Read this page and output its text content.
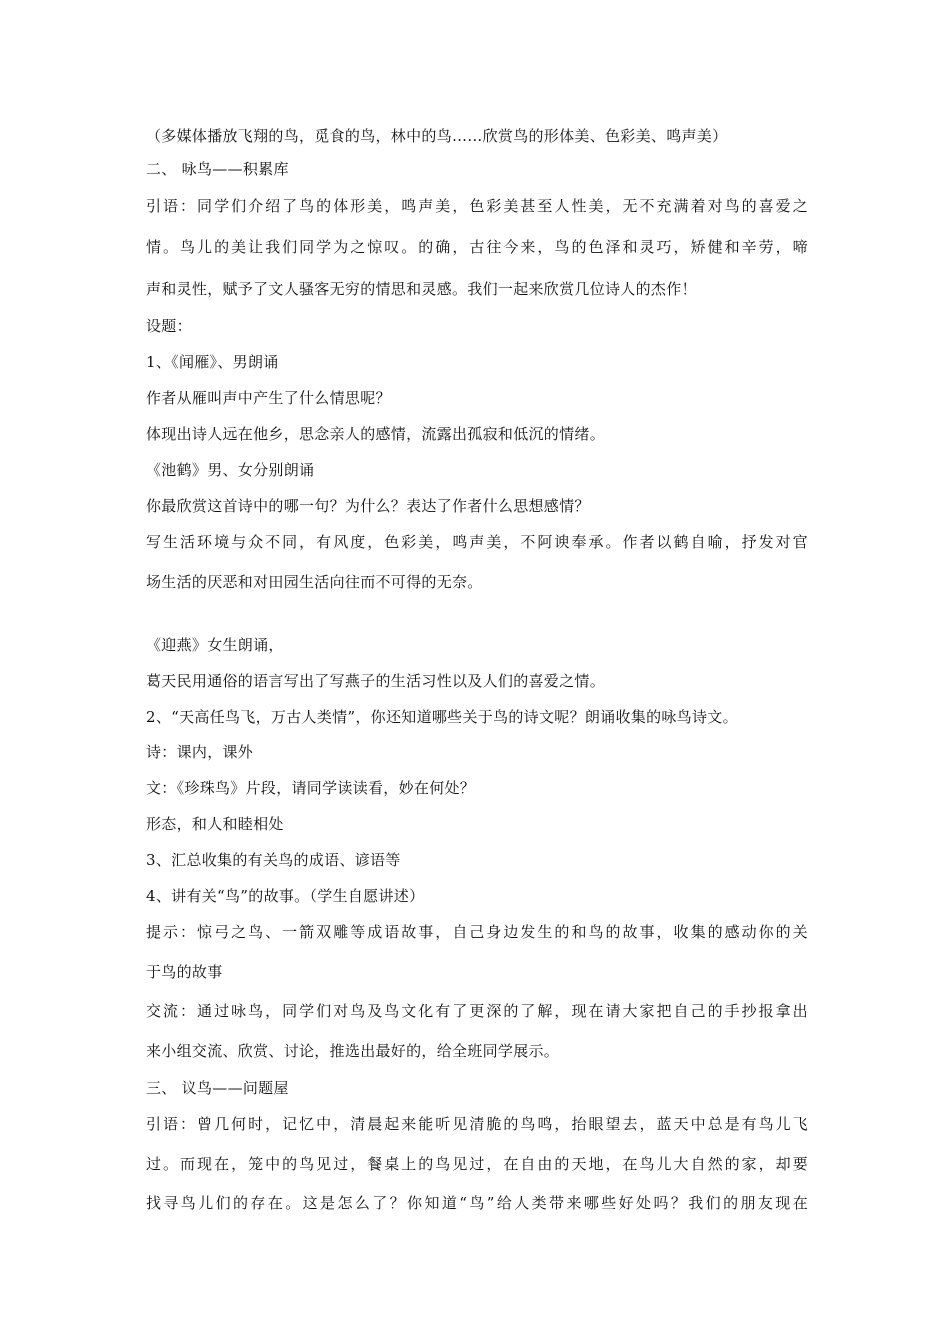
（多媒体播放飞翔的鸟，觅食的鸟，林中的鸟……欣赏鸟的形体美、色彩美、鸣声美）
二、 咏鸟——积累库
引语：同学们介绍了鸟的体形美，鸣声美，色彩美甚至人性美，无不充满着对鸟的喜爱之
情。鸟儿的美让我们同学为之惊叹。的确，古往今来，鸟的色泽和灵巧，矫健和辛劳，啼
声和灵性，赋予了文人骚客无穷的情思和灵感。我们一起来欣赏几位诗人的杰作！
设题：
1、《闻雁》、男朗诵
作者从雁叫声中产生了什么情思呢？
体现出诗人远在他乡，思念亲人的感情，流露出孤寂和低沉的情绪。
《池鹤》男、女分别朗诵
你最欣赏这首诗中的哪一句？为什么？表达了作者什么思想感情？
写生活环境与众不同，有风度，色彩美，鸣声美，不阿谀奉承。作者以鹤自喻，抒发对官
场生活的厌恶和对田园生活向往而不可得的无奈。
《迎燕》女生朗诵，
葛天民用通俗的语言写出了写燕子的生活习性以及人们的喜爱之情。
2、“天高任鸟飞，万古人类情”，你还知道哪些关于鸟的诗文呢？朗诵收集的咏鸟诗文。
诗：课内，课外
文：《珍珠鸟》片段，请同学读读看，妙在何处？
形态，和人和睦相处
3、汇总收集的有关鸟的成语、谚语等
4、讲有关“鸟”的故事。（学生自愿讲述）
提示：惊弓之鸟、一箭双雕等成语故事，自己身边发生的和鸟的故事，收集的感动你的关
于鸟的故事
交流：通过咏鸟，同学们对鸟及鸟文化有了更深的了解，现在请大家把自己的手抄报拿出
来小组交流、欣赏、讨论，推选出最好的，给全班同学展示。
三、 议鸟——问题屋
引语：曾几何时，记忆中，清晨起来能听见清脆的鸟鸣，抬眼望去，蓝天中总是有鸟儿飞
过。而现在，笼中的鸟见过，餐桌上的鸟见过，在自由的天地，在鸟儿大自然的家，却要
找寻鸟儿们的存在。这是怎么了？你知道“鸟”给人类带来哪些好处吗？我们的朋友现在
